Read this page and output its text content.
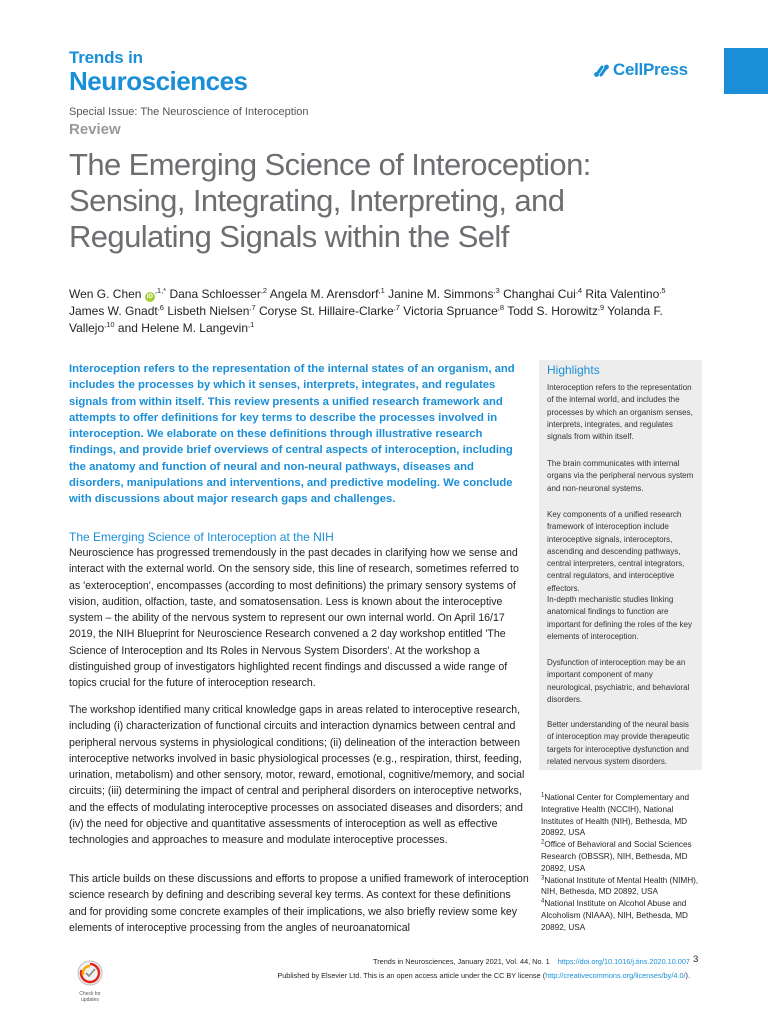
Trends in
Neurosciences	CellPress
Special Issue: The Neuroscience of Interoception
Review
The Emerging Science of Interoception: Sensing, Integrating, Interpreting, and Regulating Signals within the Self
Wen G. Chen $iD^{,1,*}$ Dana Schloesser$^{,2}$ Angela M. Arensdorf$^{,1}$ Janine M. Simmons$^{,3}$ Changhai Cui$^{,4}$ Rita Valentino$^{,5}$ James W. Gnadt$^{,6}$ Lisbeth Nielsen$^{,7}$ Coryse St. Hillaire-Clarke$^{,7}$ Victoria Spruance$^{,8}$ Todd S. Horowitz$^{,9}$ Yolanda F. Vallejo$^{,10}$ and Helene M. Langevin$^{,1}$

Interoception refers to the representation of the internal states of an organism, and includes the processes by which it senses, interprets, integrates, and regulates signals from within itself. This review presents a unified research framework and attempts to offer definitions for key terms to describe the processes involved in interoception. We elaborate on these definitions through illustrative research findings, and provide brief overviews of central aspects of interoception, including the anatomy and function of neural and non-neural pathways, diseases and disorders, manipulations and interventions, and predictive modeling. We conclude with discussions about major research gaps and challenges.

The Emerging Science of Interoception at the NIH

Neuroscience has progressed tremendously in the past decades in clarifying how we sense and interact with the external world. On the sensory side, this line of research, sometimes referred to as 'exteroception', encompasses (according to most definitions) the primary sensory systems of vision, audition, olfaction, taste, and somatosensation. Less is known about the interoceptive system – the ability of the nervous system to represent our own internal world. On April 16/17 2019, the NIH Blueprint for Neuroscience Research convened a 2 day workshop entitled 'The Science of Interoception and Its Roles in Nervous System Disorders'. At the workshop a distinguished group of investigators highlighted recent findings and discussed a wide range of topics crucial for the future of interoception research.

The workshop identified many critical knowledge gaps in areas related to interoceptive research, including (i) characterization of functional circuits and interaction dynamics between central and peripheral nervous systems in physiological conditions; (ii) delineation of the interaction between interoceptive networks involved in basic physiological processes (e.g., respiration, thirst, feeding, urination, metabolism) and other sensory, motor, reward, emotional, cognitive/memory, and social circuits; (iii) determining the impact of central and peripheral disorders on interoceptive networks, and the effects of modulating interoceptive processes on associated diseases and disorders; and (iv) the need for objective and quantitative assessments of interoception as well as effective technologies and approaches to measure and modulate interoceptive processes.

This article builds on these discussions and efforts to propose a unified framework of interoception science research by defining and describing several key terms. As context for these definitions and for providing some concrete examples of their implications, we also briefly review some key elements of interoceptive processing from the angles of neuroanatomical

Highlights

Interoception refers to the representation of the internal world, and includes the processes by which an organism senses, interprets, integrates, and regulates signals from within itself.

The brain communicates with internal organs via the peripheral nervous system and non-neuronal systems.

Key components of a unified research framework of interoception include interoceptive signals, interoceptors, ascending and descending pathways, central interpreters, central integrators, central regulators, and interoceptive effectors.

In-depth mechanistic studies linking anatomical findings to function are important for defining the roles of the key elements of interoception.

Dysfunction of interoception may be an important component of many neurological, psychiatric, and behavioral disorders.

Better understanding of the neural basis of interoception may provide therapeutic targets for interoceptive dysfunction and related nervous system disorders.

$^1$National Center for Complementary and Integrative Health (NCCIH), National Institutes of Health (NIH), Bethesda, MD 20892, USA

$^2$Office of Behavioral and Social Sciences Research (OBSSR), NIH, Bethesda, MD 20892, USA

$^3$National Institute of Mental Health (NIMH), NIH, Bethesda, MD 20892, USA

$^4$National Institute on Alcohol Abuse and Alcoholism (NIAAA), NIH, Bethesda, MD 20892, USA

Check for updates
Trends in Neurosciences, January 2021, Vol. 44, No. 1 https://doi.org/10.1016/j.tins.2020.10.007 3
Published by Elsevier Ltd. This is an open access article under the CC BY license (http://creativecommons.org/licenses/by/4.0/).
